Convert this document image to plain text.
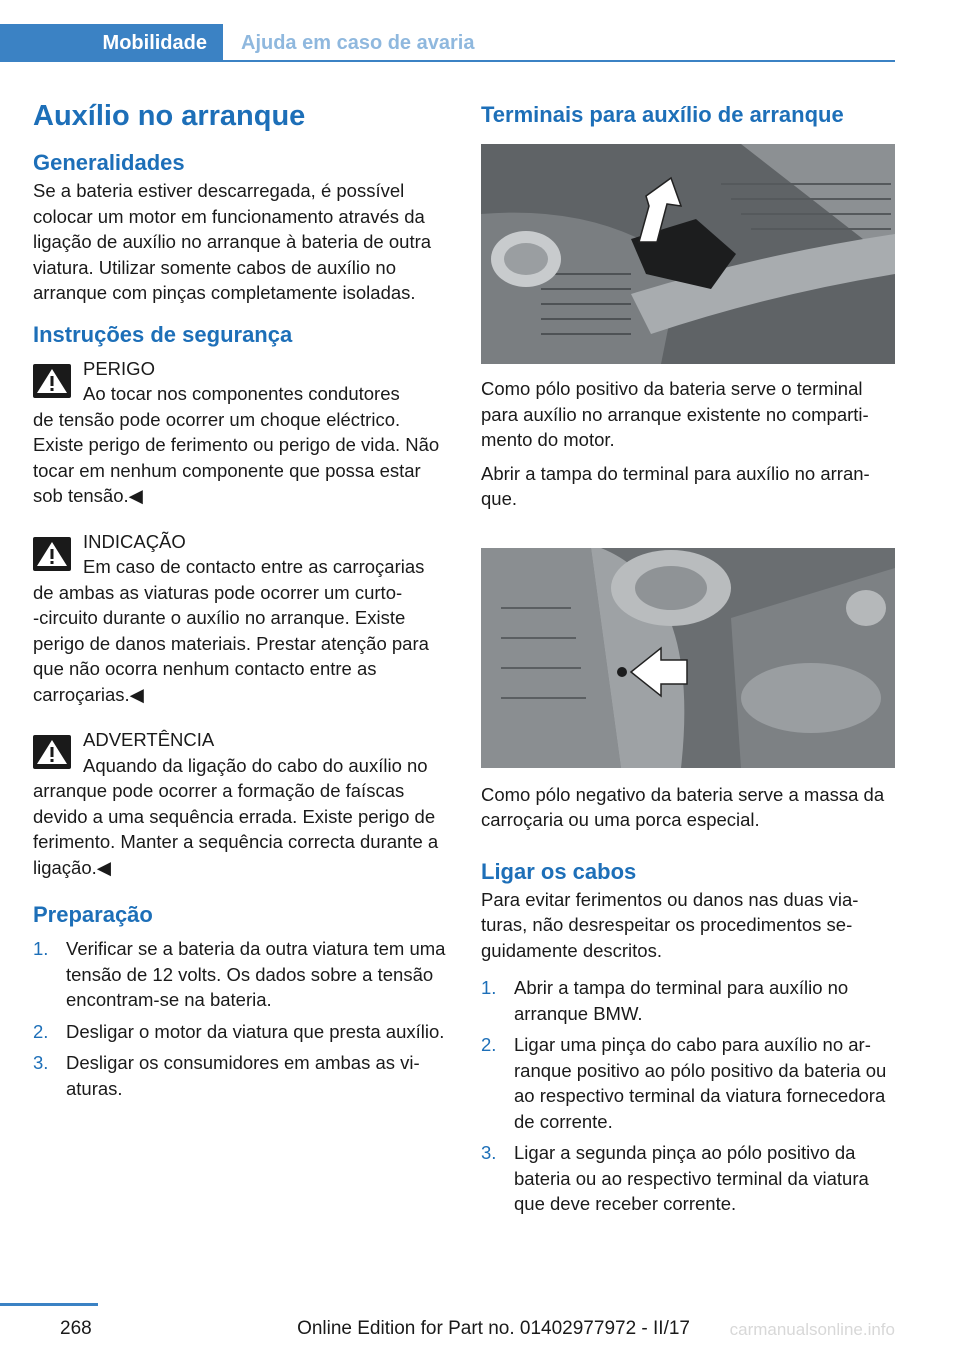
Mobilidade	Ajuda em caso de avaria
Auxílio no arranque
Generalidades

Se a bateria estiver descarregada, é possível colocar um motor em funcionamento através da ligação de auxílio no arranque à bateria de outra viatura. Utilizar somente cabos de auxílio no arranque com pinças completamente isoladas.

Instruções de segurança

PERIGO

Ao tocar nos componentes condutores

de tensão pode ocorrer um choque eléctrico. Existe perigo de ferimento ou perigo de vida. Não tocar em nenhum componente que possa estar sob tensão.◀

INDICAÇÃO

Em caso de contacto entre as carroçarias

de ambas as viaturas pode ocorrer um curto-‑circuito durante o auxílio no arranque. Existe perigo de danos materiais. Prestar atenção para que não ocorra nenhum contacto entre as carroçarias.◀

ADVERTÊNCIA

Aquando da ligação do cabo do auxílio no

arranque pode ocorrer a formação de faíscas devido a uma sequência errada. Existe perigo de ferimento. Manter a sequência correcta durante a ligação.◀

Preparação
1. Verificar se a bateria da outra viatura tem uma tensão de 12 volts. Os dados sobre a tensão encontram-se na bateria.
2. Desligar o motor da viatura que presta auxílio.
3. Desligar os consumidores em ambas as viaturas.
Terminais para auxílio de arranque

Como pólo positivo da bateria serve o terminal para auxílio no arranque existente no compartimento do motor.

Abrir a tampa do terminal para auxílio no arranque.

Como pólo negativo da bateria serve a massa da carroçaria ou uma porca especial.

Ligar os cabos

Para evitar ferimentos ou danos nas duas viaturas, não desrespeitar os procedimentos seguidamente descritos.

1. Abrir a tampa do terminal para auxílio no arranque BMW.
2. Ligar uma pinça do cabo para auxílio no arranque positivo ao pólo positivo da bateria ou ao respectivo terminal da viatura fornecedora de corrente.
3. Ligar a segunda pinça ao pólo positivo da bateria ou ao respectivo terminal da viatura que deve receber corrente.
268	Online Edition for Part no. 01402977972 - II/17 carmanualsonline.info
